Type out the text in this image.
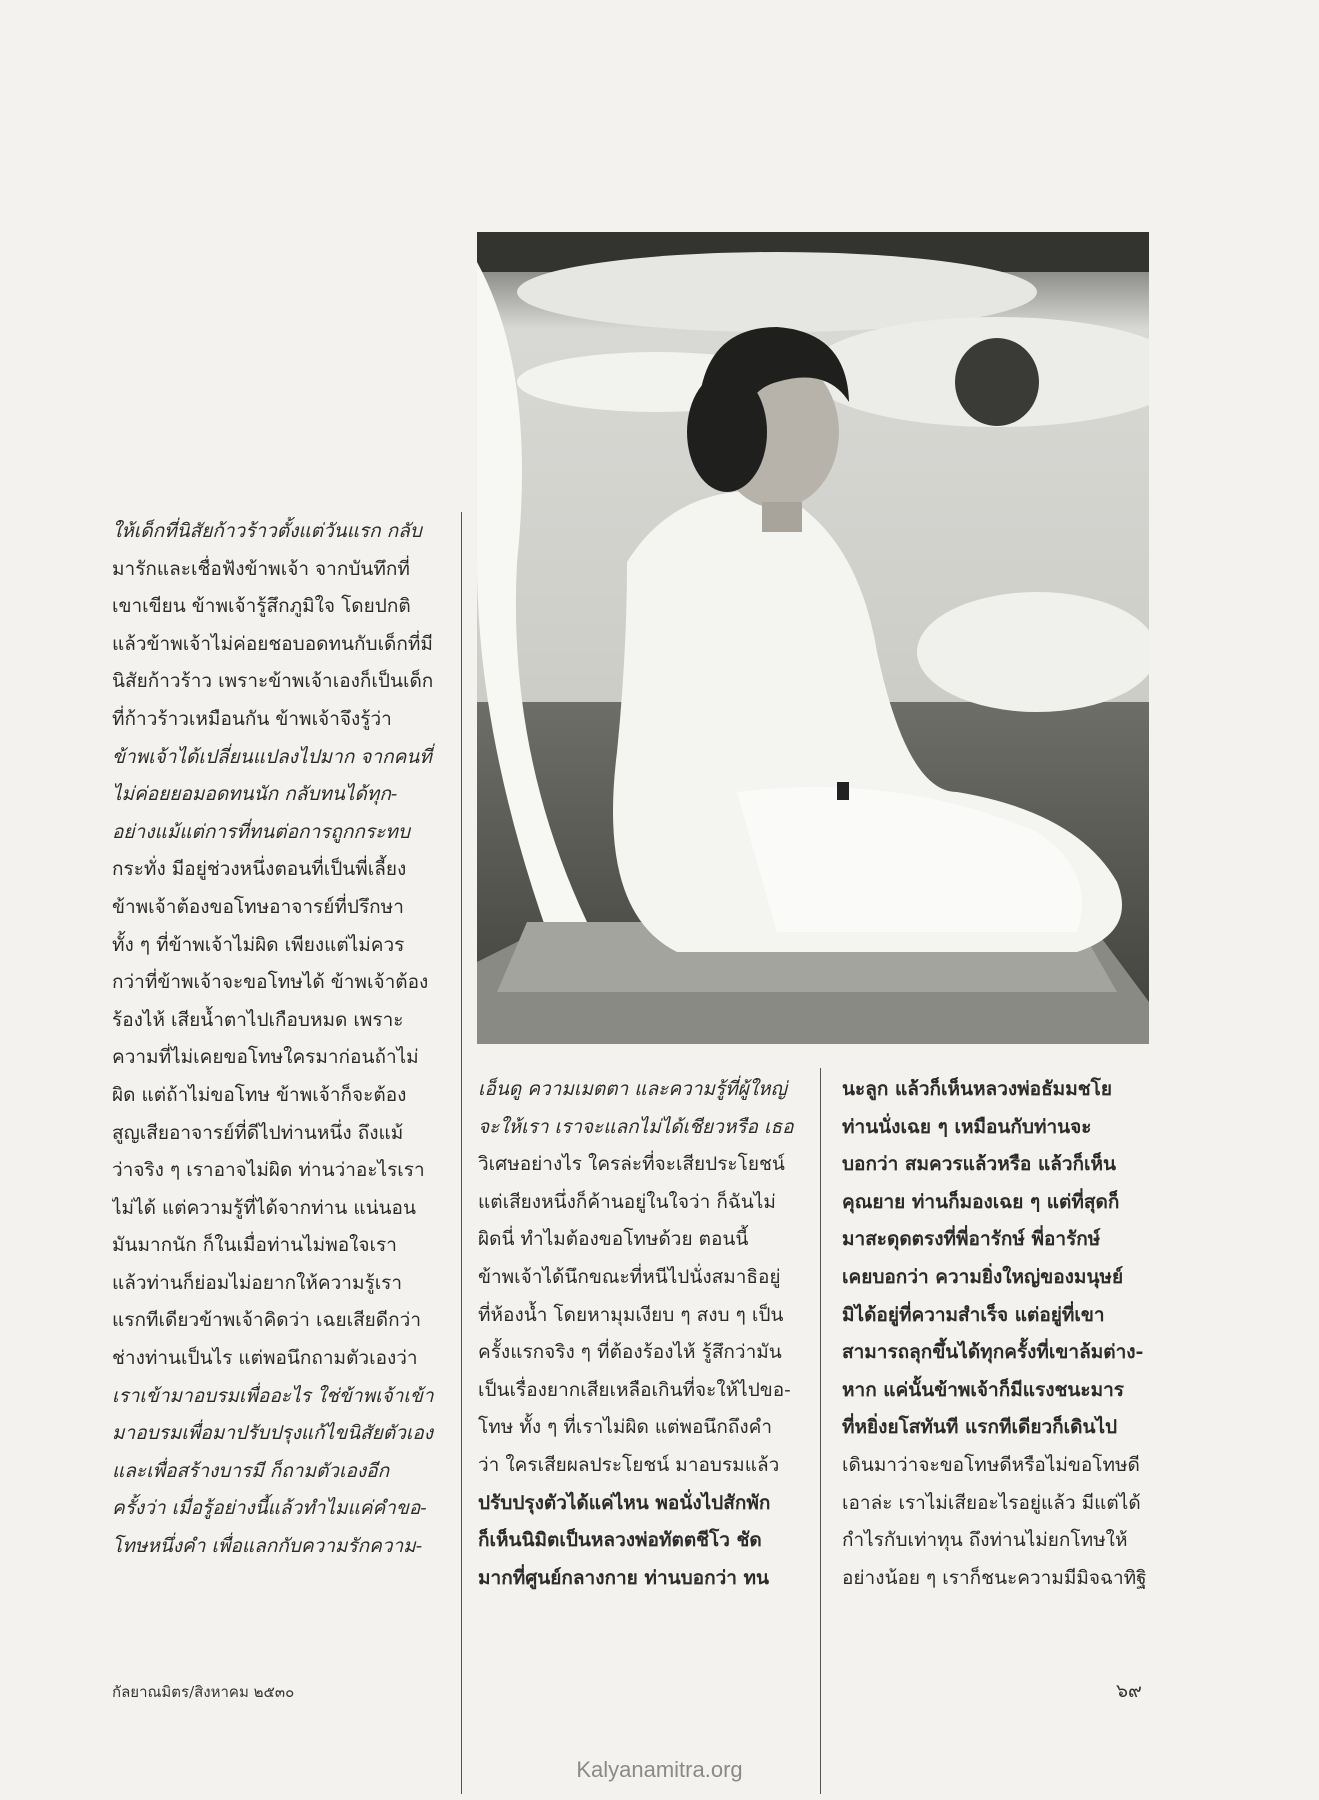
ให้เด็กที่นิสัยก้าวร้าวตั้งแต่วันแรก กลับ
มารักและเชื่อฟังข้าพเจ้า จากบันทึกที่
เขาเขียน ข้าพเจ้ารู้สึกภูมิใจ โดยปกติ
แล้วข้าพเจ้าไม่ค่อยชอบอดทนกับเด็กที่มี
นิสัยก้าวร้าว เพราะข้าพเจ้าเองก็เป็นเด็ก
ที่ก้าวร้าวเหมือนกัน ข้าพเจ้าจึงรู้ว่า
ข้าพเจ้าได้เปลี่ยนแปลงไปมาก จากคนที่
ไม่ค่อยยอมอดทนนัก กลับทนได้ทุก-
อย่างแม้แต่การที่ทนต่อการถูกกระทบ
กระทั่ง มีอยู่ช่วงหนึ่งตอนที่เป็นพี่เลี้ยง
ข้าพเจ้าต้องขอโทษอาจารย์ที่ปรึกษา
ทั้ง ๆ ที่ข้าพเจ้าไม่ผิด เพียงแต่ไม่ควร
กว่าที่ข้าพเจ้าจะขอโทษได้ ข้าพเจ้าต้อง
ร้องไห้ เสียน้ำตาไปเกือบหมด เพราะ
ความที่ไม่เคยขอโทษใครมาก่อนถ้าไม่
ผิด แต่ถ้าไม่ขอโทษ ข้าพเจ้าก็จะต้อง
สูญเสียอาจารย์ที่ดีไปท่านหนึ่ง ถึงแม้
ว่าจริง ๆ เราอาจไม่ผิด ท่านว่าอะไรเรา
ไม่ได้ แต่ความรู้ที่ได้จากท่าน แน่นอน
มันมากนัก ก็ในเมื่อท่านไม่พอใจเรา
แล้วท่านก็ย่อมไม่อยากให้ความรู้เรา
แรกทีเดียวข้าพเจ้าคิดว่า เฉยเสียดีกว่า
ช่างท่านเป็นไร แต่พอนึกถามตัวเองว่า
เราเข้ามาอบรมเพื่ออะไร ใช่ข้าพเจ้าเข้า
มาอบรมเพื่อมาปรับปรุงแก้ไขนิสัยตัวเอง
และเพื่อสร้างบารมี ก็ถามตัวเองอีก
ครั้งว่า เมื่อรู้อย่างนี้แล้วทำไมแค่คำขอ-
โทษหนึ่งคำ เพื่อแลกกับความรักความ-
เอ็นดู ความเมตตา และความรู้ที่ผู้ใหญ่
จะให้เรา เราจะแลกไม่ได้เชียวหรือ เธอ
วิเศษอย่างไร ใครล่ะที่จะเสียประโยชน์
แต่เสียงหนึ่งก็ค้านอยู่ในใจว่า ก็ฉันไม่
ผิดนี่ ทำไมต้องขอโทษด้วย ตอนนี้
ข้าพเจ้าได้นึกขณะที่หนีไปนั่งสมาธิอยู่
ที่ห้องน้ำ โดยหามุมเงียบ ๆ สงบ ๆ เป็น
ครั้งแรกจริง ๆ ที่ต้องร้องไห้ รู้สึกว่ามัน
เป็นเรื่องยากเสียเหลือเกินที่จะให้ไปขอ-
โทษ ทั้ง ๆ ที่เราไม่ผิด แต่พอนึกถึงคำ
ว่า ใครเสียผลประโยชน์ มาอบรมแล้ว
ปรับปรุงตัวได้แค่ไหน พอนั่งไปสักพัก
ก็เห็นนิมิตเป็นหลวงพ่อทัตตชีโว ชัด
มากที่ศูนย์กลางกาย ท่านบอกว่า ทน
นะลูก แล้วก็เห็นหลวงพ่อธัมมชโย
ท่านนั่งเฉย ๆ เหมือนกับท่านจะ
บอกว่า สมควรแล้วหรือ แล้วก็เห็น
คุณยาย ท่านก็มองเฉย ๆ แต่ที่สุดก็
มาสะดุดตรงที่พี่อารักษ์ พี่อารักษ์
เคยบอกว่า ความยิ่งใหญ่ของมนุษย์
มิได้อยู่ที่ความสำเร็จ แต่อยู่ที่เขา
สามารถลุกขึ้นได้ทุกครั้งที่เขาล้มต่าง-
หาก แค่นั้นข้าพเจ้าก็มีแรงชนะมาร
ที่หยิ่งยโสทันที แรกทีเดียวก็เดินไป
เดินมาว่าจะขอโทษดีหรือไม่ขอโทษดี
เอาล่ะ เราไม่เสียอะไรอยู่แล้ว มีแต่ได้
กำไรกับเท่าทุน ถึงท่านไม่ยกโทษให้
อย่างน้อย ๆ เราก็ชนะความมีมิจฉาทิฐิ
กัลยาณมิตร/สิงหาคม ๒๕๓๐	๖๙
Kalyanamitra.org
